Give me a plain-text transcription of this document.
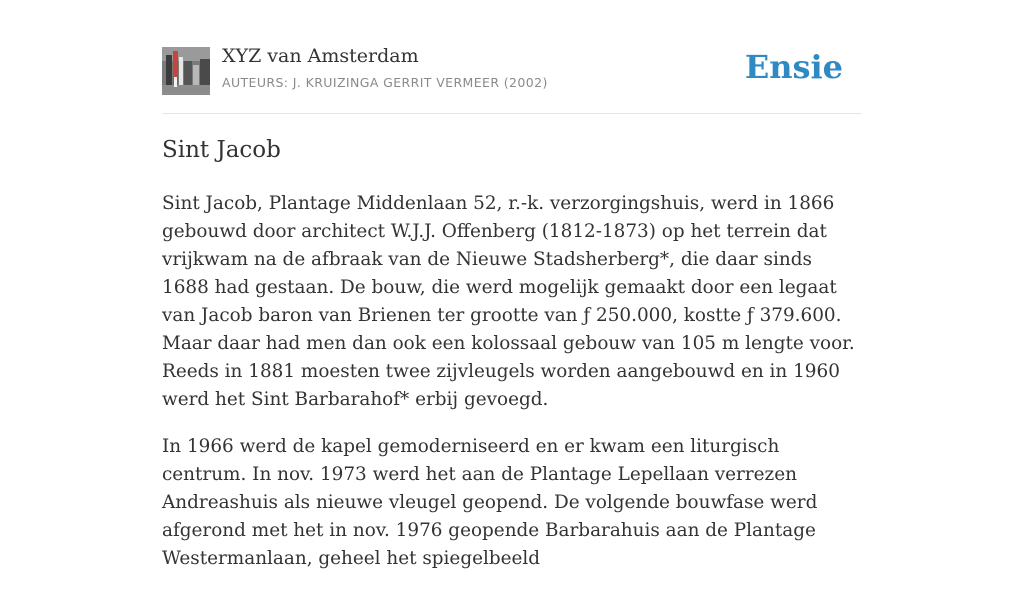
XYZ van Amsterdam
AUTEURS: J. KRUIZINGA GERRIT VERMEER (2002)	Ensie
Sint Jacob

Sint Jacob, Plantage Middenlaan 52, r.-k. verzorgingshuis, werd in 1866 gebouwd door architect W.J.J. Offenberg (1812-1873) op het terrein dat vrijkwam na de afbraak van de Nieuwe Stadsherberg*, die daar sinds 1688 had gestaan. De bouw, die werd mogelijk gemaakt door een legaat van Jacob baron van Brienen ter grootte van ƒ 250.000, kostte ƒ 379.600. Maar daar had men dan ook een kolossaal gebouw van 105 m lengte voor. Reeds in 1881 moesten twee zijvleugels worden aangebouwd en in 1960 werd het Sint Barbarahof* erbij gevoegd.

In 1966 werd de kapel gemoderniseerd en er kwam een liturgisch centrum. In nov. 1973 werd het aan de Plantage Lepellaan verrezen Andreashuis als nieuwe vleugel geopend. De volgende bouwfase werd afgerond met het in nov. 1976 geopende Barbarahuis aan de Plantage Westermanlaan, geheel het spiegelbeeld
